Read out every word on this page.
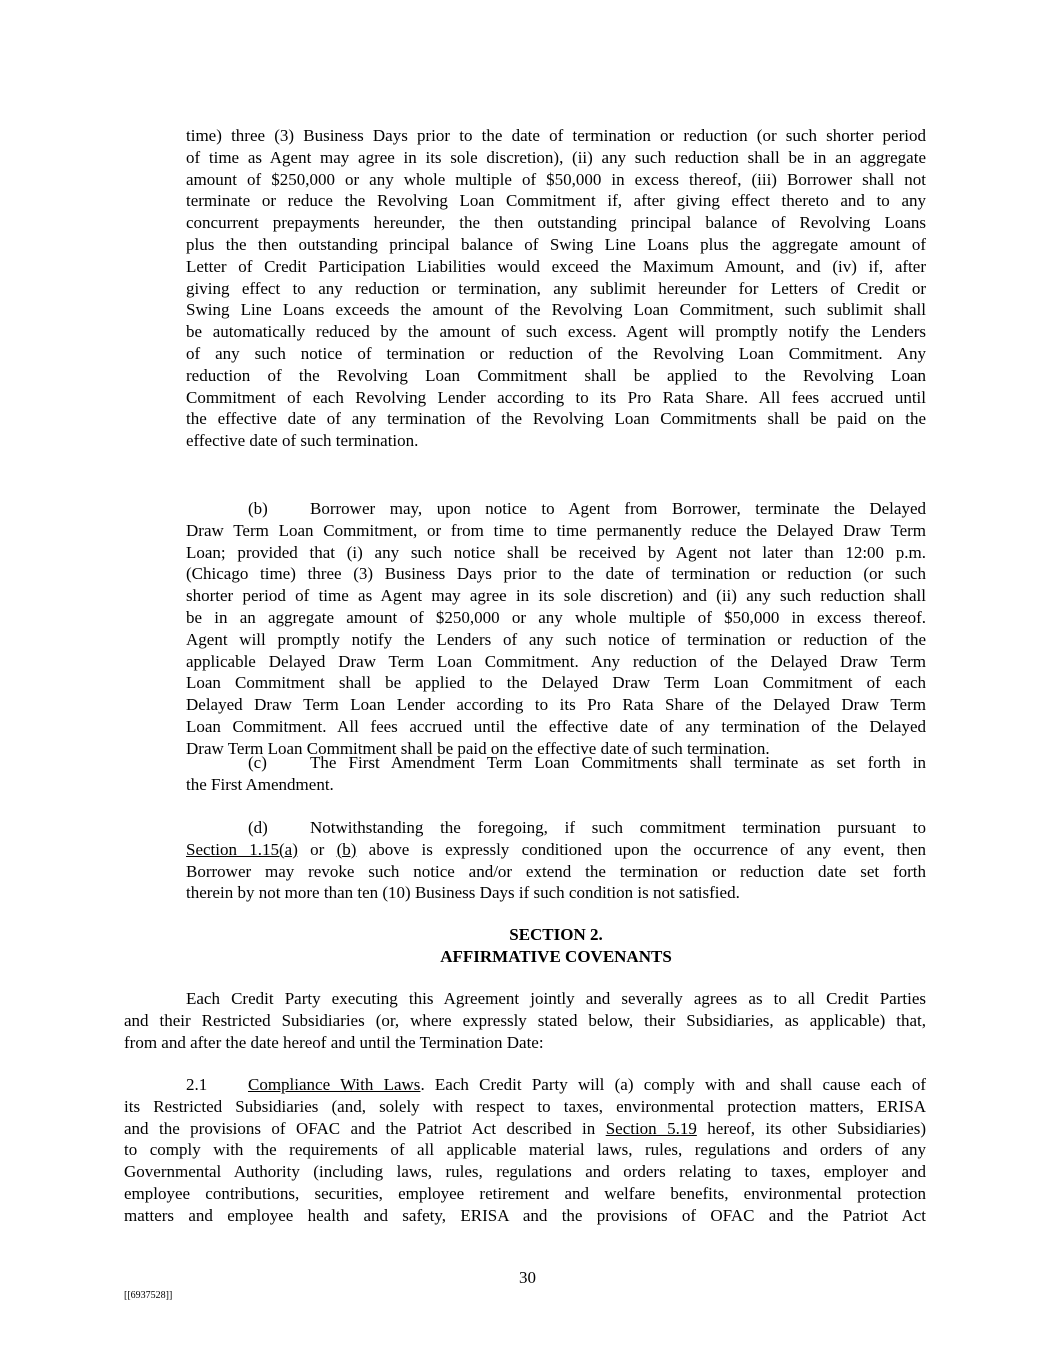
time) three (3) Business Days prior to the date of termination or reduction (or such shorter period
of time as Agent may agree in its sole discretion), (ii) any such reduction shall be in an aggregate
amount of $250,000 or any whole multiple of $50,000 in excess thereof, (iii) Borrower shall not
terminate or reduce the Revolving Loan Commitment if, after giving effect thereto and to any
concurrent prepayments hereunder, the then outstanding principal balance of Revolving Loans
plus the then outstanding principal balance of Swing Line Loans plus the aggregate amount of
Letter of Credit Participation Liabilities would exceed the Maximum Amount, and (iv) if, after
giving effect to any reduction or termination, any sublimit hereunder for Letters of Credit or
Swing Line Loans exceeds the amount of the Revolving Loan Commitment, such sublimit shall
be automatically reduced by the amount of such excess. Agent will promptly notify the Lenders
of any such notice of termination or reduction of the Revolving Loan Commitment. Any
reduction of the Revolving Loan Commitment shall be applied to the Revolving Loan
Commitment of each Revolving Lender according to its Pro Rata Share. All fees accrued until
the effective date of any termination of the Revolving Loan Commitments shall be paid on the
effective date of such termination.
(b) Borrower may, upon notice to Agent from Borrower, terminate the Delayed
Draw Term Loan Commitment, or from time to time permanently reduce the Delayed Draw Term
Loan; provided that (i) any such notice shall be received by Agent not later than 12:00 p.m.
(Chicago time) three (3) Business Days prior to the date of termination or reduction (or such
shorter period of time as Agent may agree in its sole discretion) and (ii) any such reduction shall
be in an aggregate amount of $250,000 or any whole multiple of $50,000 in excess thereof.
Agent will promptly notify the Lenders of any such notice of termination or reduction of the
applicable Delayed Draw Term Loan Commitment. Any reduction of the Delayed Draw Term
Loan Commitment shall be applied to the Delayed Draw Term Loan Commitment of each
Delayed Draw Term Loan Lender according to its Pro Rata Share of the Delayed Draw Term
Loan Commitment. All fees accrued until the effective date of any termination of the Delayed
Draw Term Loan Commitment shall be paid on the effective date of such termination.
(c)	The First Amendment Term Loan Commitments shall terminate as set forth in
the First Amendment.
(d) Notwithstanding the foregoing, if such commitment termination pursuant to
Section 1.15(a) or (b) above is expressly conditioned upon the occurrence of any event, then
Borrower may revoke such notice and/or extend the termination or reduction date set forth
therein by not more than ten (10) Business Days if such condition is not satisfied.
SECTION 2.
AFFIRMATIVE COVENANTS
Each Credit Party executing this Agreement jointly and severally agrees as to all Credit Parties
and their Restricted Subsidiaries (or, where expressly stated below, their Subsidiaries, as applicable) that,
from and after the date hereof and until the Termination Date:
2.1 Compliance With Laws. Each Credit Party will (a) comply with and shall cause each of
its Restricted Subsidiaries (and, solely with respect to taxes, environmental protection matters, ERISA
and the provisions of OFAC and the Patriot Act described in Section 5.19 hereof, its other Subsidiaries)
to comply with the requirements of all applicable material laws, rules, regulations and orders of any
Governmental Authority (including laws, rules, regulations and orders relating to taxes, employer and
employee contributions, securities, employee retirement and welfare benefits, environmental protection
matters and employee health and safety, ERISA and the provisions of OFAC and the Patriot Act
30
[[6937528]]
